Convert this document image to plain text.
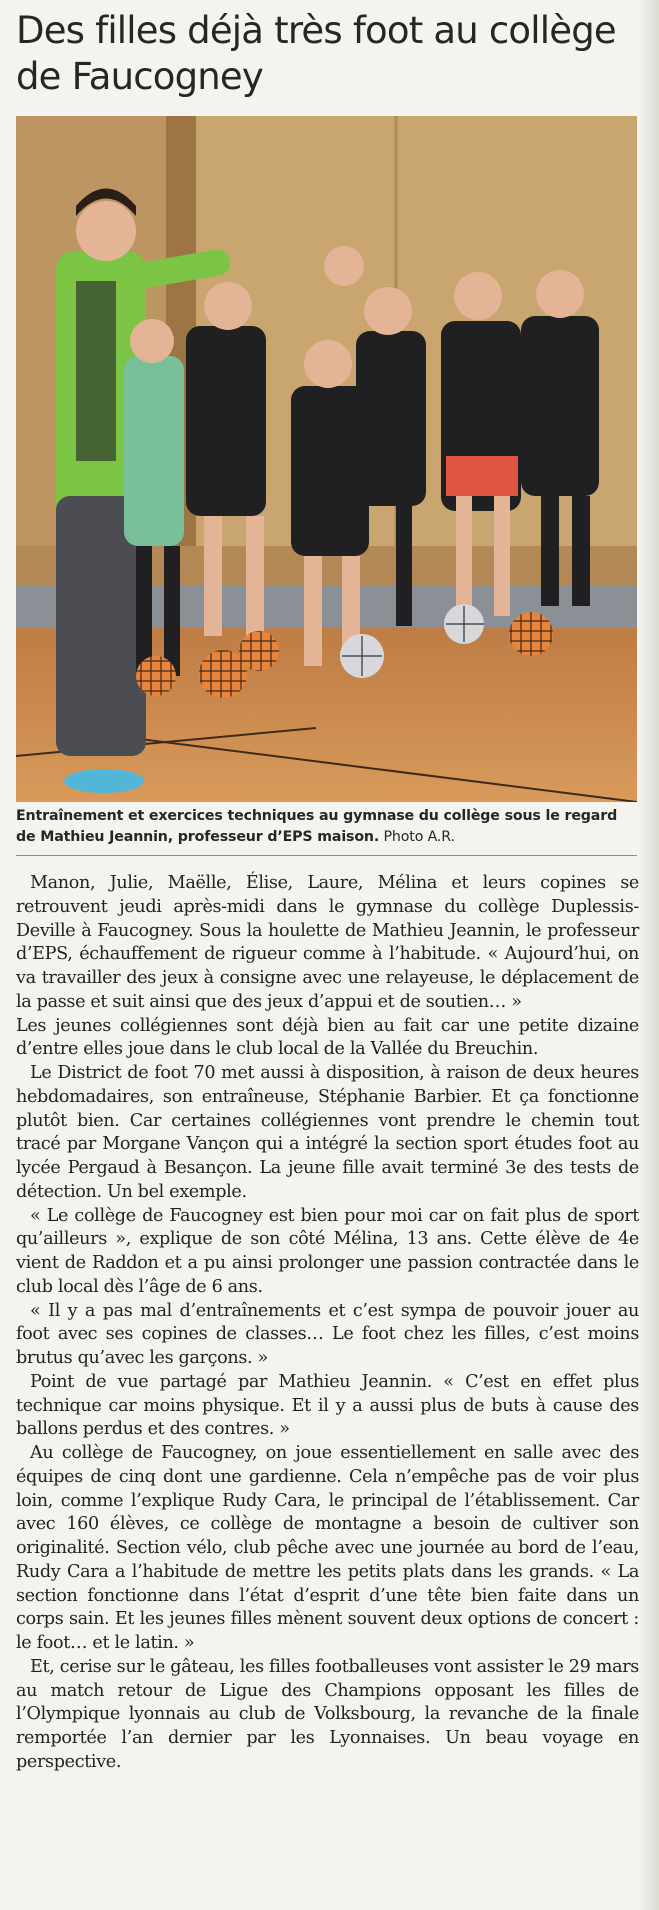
Des filles déjà très foot au collège de Faucogney
Entraînement et exercices techniques au gymnase du collège sous le regard de Mathieu Jeannin, professeur d’EPS maison. Photo A.R.

Manon, Julie, Maëlle, Élise, Laure, Mélina et leurs copines se retrouvent jeudi après-midi dans le gymnase du collège Duplessis-Deville à Faucogney. Sous la houlette de Mathieu Jeannin, le professeur d’EPS, échauffement de rigueur comme à l’habitude. « Aujourd’hui, on va travailler des jeux à consigne avec une relayeuse, le déplacement de la passe et suit ainsi que des jeux d’appui et de soutien… »

Les jeunes collégiennes sont déjà bien au fait car une petite dizaine d’entre elles joue dans le club local de la Vallée du Breuchin.

Le District de foot 70 met aussi à disposition, à raison de deux heures hebdomadaires, son entraîneuse, Stéphanie Barbier. Et ça fonctionne plutôt bien. Car certaines collégiennes vont prendre le chemin tout tracé par Morgane Vançon qui a intégré la section sport études foot au lycée Pergaud à Besançon. La jeune fille avait terminé 3e des tests de détection. Un bel exemple.

« Le collège de Faucogney est bien pour moi car on fait plus de sport qu’ailleurs », explique de son côté Mélina, 13 ans. Cette élève de 4e vient de Raddon et a pu ainsi prolonger une passion contractée dans le club local dès l’âge de 6 ans.

« Il y a pas mal d’entraînements et c’est sympa de pouvoir jouer au foot avec ses copines de classes… Le foot chez les filles, c’est moins brutus qu’avec les garçons. »

Point de vue partagé par Mathieu Jeannin. « C’est en effet plus technique car moins physique. Et il y a aussi plus de buts à cause des ballons perdus et des contres. »

Au collège de Faucogney, on joue essentiellement en salle avec des équipes de cinq dont une gardienne. Cela n’empêche pas de voir plus loin, comme l’explique Rudy Cara, le principal de l’établissement. Car avec 160 élèves, ce collège de montagne a besoin de cultiver son originalité. Section vélo, club pêche avec une journée au bord de l’eau, Rudy Cara a l’habitude de mettre les petits plats dans les grands. « La section fonctionne dans l’état d’esprit d’une tête bien faite dans un corps sain. Et les jeunes filles mènent souvent deux options de concert : le foot… et le latin. »

Et, cerise sur le gâteau, les filles footballeuses vont assister le 29 mars au match retour de Ligue des Champions opposant les filles de l’Olympique lyonnais au club de Volksbourg, la revanche de la finale remportée l’an dernier par les Lyonnaises. Un beau voyage en perspective.
